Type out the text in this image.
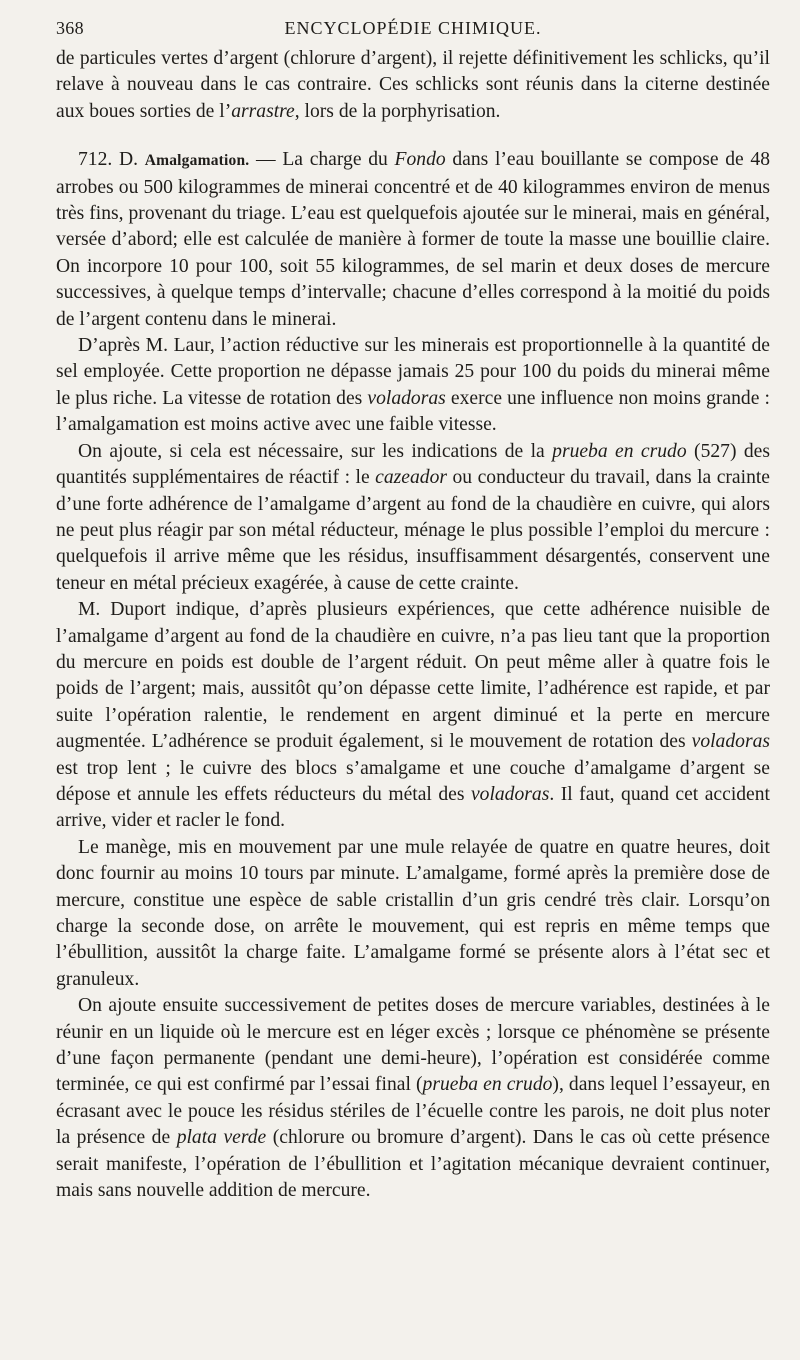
368	ENCYCLOPÉDIE CHIMIQUE.

de particules vertes d’argent (chlorure d’argent), il rejette définitivement les schlicks, qu’il relave à nouveau dans le cas contraire. Ces schlicks sont réunis dans la citerne destinée aux boues sorties de l’arrastre, lors de la porphyrisation.

712. D. Amalgamation. — La charge du Fondo dans l’eau bouillante se compose de 48 arrobes ou 500 kilogrammes de minerai concentré et de 40 kilogrammes environ de menus très fins, provenant du triage. L’eau est quelquefois ajoutée sur le minerai, mais en général, versée d’abord; elle est calculée de manière à former de toute la masse une bouillie claire. On incorpore 10 pour 100, soit 55 kilogrammes, de sel marin et deux doses de mercure successives, à quelque temps d’intervalle; chacune d’elles correspond à la moitié du poids de l’argent contenu dans le minerai.

D’après M. Laur, l’action réductive sur les minerais est proportionnelle à la quantité de sel employée. Cette proportion ne dépasse jamais 25 pour 100 du poids du minerai même le plus riche. La vitesse de rotation des voladoras exerce une influence non moins grande : l’amalgamation est moins active avec une faible vitesse.

On ajoute, si cela est nécessaire, sur les indications de la prueba en crudo (527) des quantités supplémentaires de réactif : le cazeador ou conducteur du travail, dans la crainte d’une forte adhérence de l’amalgame d’argent au fond de la chaudière en cuivre, qui alors ne peut plus réagir par son métal réducteur, ménage le plus possible l’emploi du mercure : quelquefois il arrive même que les résidus, insuffisamment désargentés, conservent une teneur en métal précieux exagérée, à cause de cette crainte.

M. Duport indique, d’après plusieurs expériences, que cette adhérence nuisible de l’amalgame d’argent au fond de la chaudière en cuivre, n’a pas lieu tant que la proportion du mercure en poids est double de l’argent réduit. On peut même aller à quatre fois le poids de l’argent; mais, aussitôt qu’on dépasse cette limite, l’adhérence est rapide, et par suite l’opération ralentie, le rendement en argent diminué et la perte en mercure augmentée. L’adhérence se produit également, si le mouvement de rotation des voladoras est trop lent ; le cuivre des blocs s’amalgame et une couche d’amalgame d’argent se dépose et annule les effets réducteurs du métal des voladoras. Il faut, quand cet accident arrive, vider et racler le fond.

Le manège, mis en mouvement par une mule relayée de quatre en quatre heures, doit donc fournir au moins 10 tours par minute. L’amalgame, formé après la première dose de mercure, constitue une espèce de sable cristallin d’un gris cendré très clair. Lorsqu’on charge la seconde dose, on arrête le mouvement, qui est repris en même temps que l’ébullition, aussitôt la charge faite. L’amalgame formé se présente alors à l’état sec et granuleux.

On ajoute ensuite successivement de petites doses de mercure variables, destinées à le réunir en un liquide où le mercure est en léger excès ; lorsque ce phénomène se présente d’une façon permanente (pendant une demi-heure), l’opération est considérée comme terminée, ce qui est confirmé par l’essai final (prueba en crudo), dans lequel l’essayeur, en écrasant avec le pouce les résidus stériles de l’écuelle contre les parois, ne doit plus noter la présence de plata verde (chlorure ou bromure d’argent). Dans le cas où cette présence serait manifeste, l’opération de l’ébullition et l’agitation mécanique devraient continuer, mais sans nouvelle addition de mercure.
